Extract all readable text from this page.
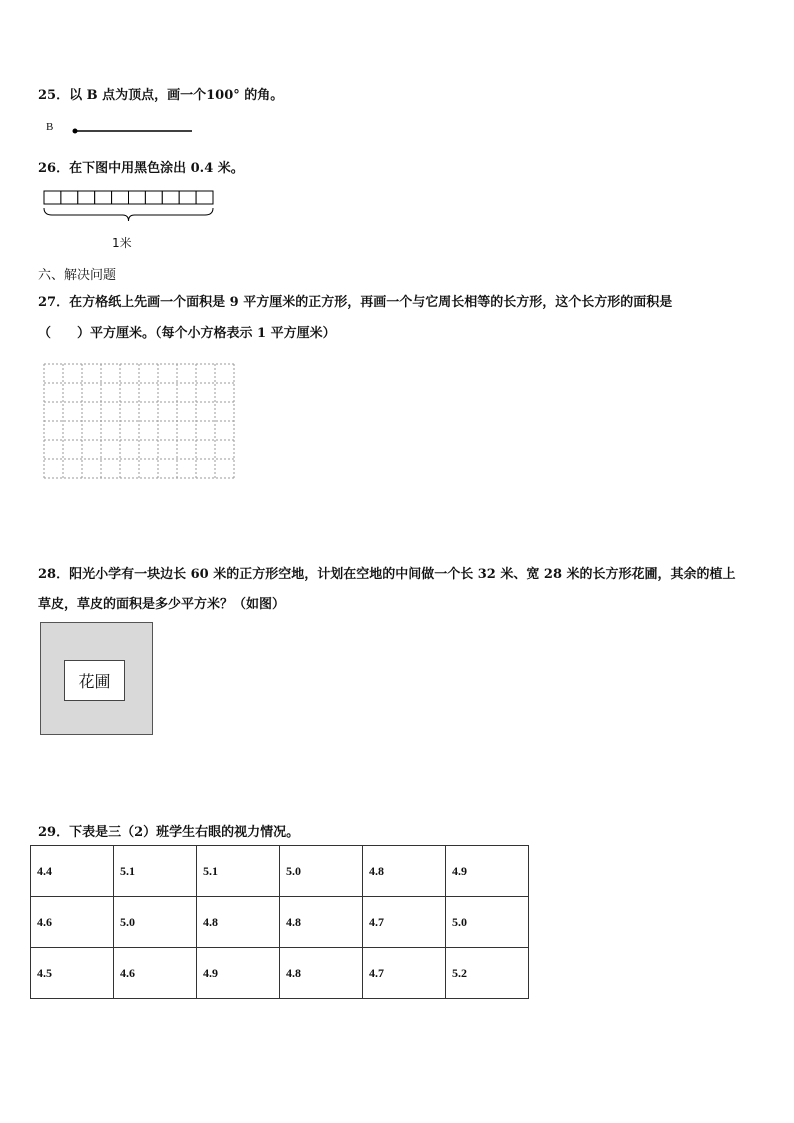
25．以 B 点为顶点，画一个100° 的角。
B
26．在下图中用黑色涂出 0.4 米。
1米
六、解决问题
27．在方格纸上先画一个面积是 9 平方厘米的正方形，再画一个与它周长相等的长方形，这个长方形的面积是
（　　）平方厘米。（每个小方格表示 1 平方厘米）
28．阳光小学有一块边长 60 米的正方形空地，计划在空地的中间做一个长 32 米、宽 28 米的长方形花圃，其余的植上
草皮，草皮的面积是多少平方米？（如图）
花圃
29．下表是三（2）班学生右眼的视力情况。
4.4	5.1	5.1	5.0	4.8	4.9
4.6	5.0	4.8	4.8	4.7	5.0
4.5	4.6	4.9	4.8	4.7	5.2
